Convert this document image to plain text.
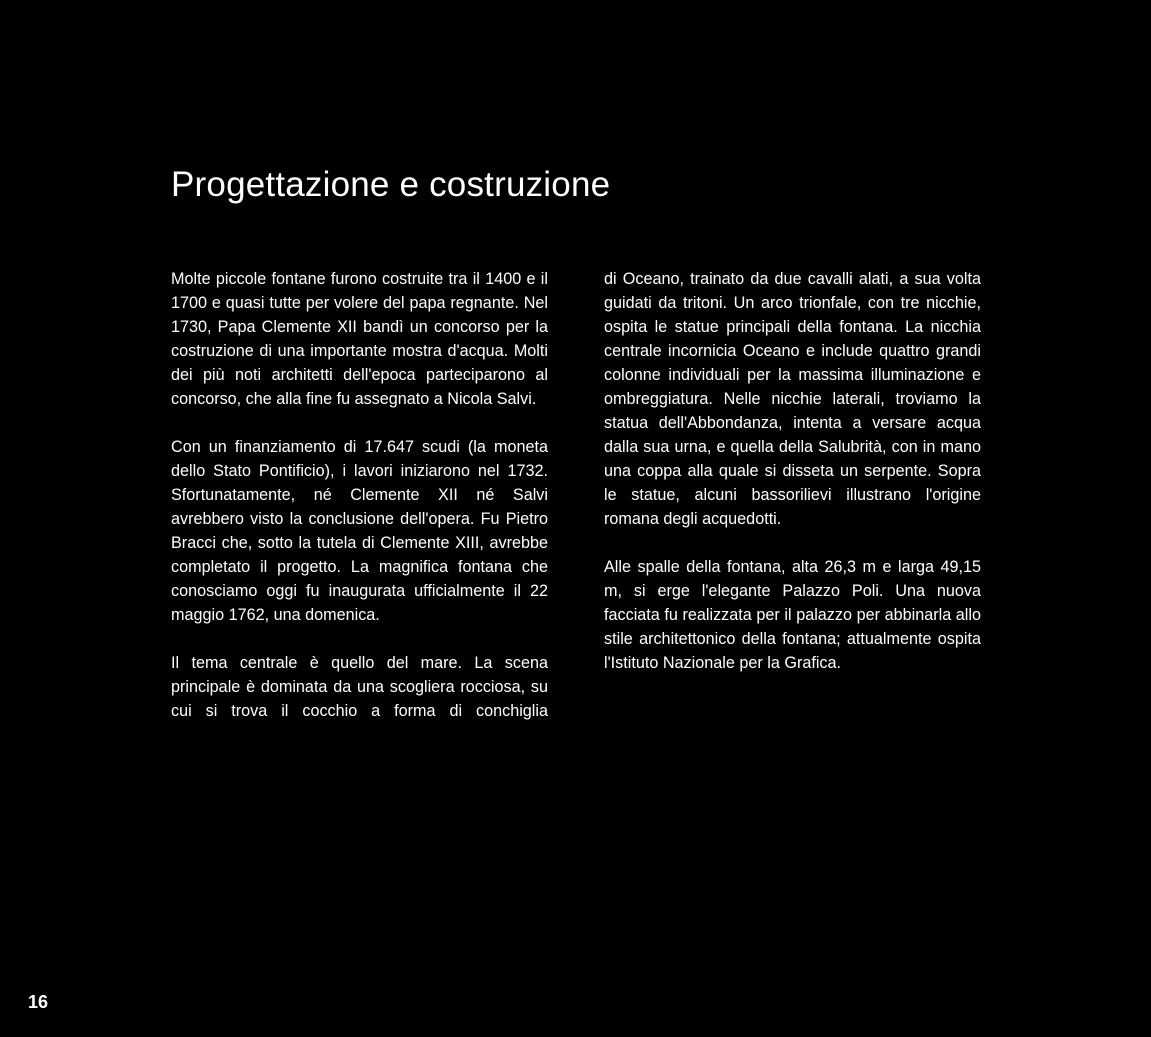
Progettazione e costruzione

Molte piccole fontane furono costruite tra il 1400 e il 1700 e quasi tutte per volere del papa regnante. Nel 1730, Papa Clemente XII bandì un concorso per la costruzione di una importante mostra d'acqua. Molti dei più noti architetti dell'epoca parteciparono al concorso, che alla fine fu assegnato a Nicola Salvi.

Con un finanziamento di 17.647 scudi (la moneta dello Stato Pontificio), i lavori iniziarono nel 1732. Sfortunatamente, né Clemente XII né Salvi avrebbero visto la conclusione dell'opera. Fu Pietro Bracci che, sotto la tutela di Clemente XIII, avrebbe completato il progetto. La magnifica fontana che conosciamo oggi fu inaugurata ufficialmente il 22 maggio 1762, una domenica.

Il tema centrale è quello del mare. La scena principale è dominata da una scogliera rocciosa, su cui si trova il cocchio a forma di conchiglia

di Oceano, trainato da due cavalli alati, a sua volta guidati da tritoni. Un arco trionfale, con tre nicchie, ospita le statue principali della fontana. La nicchia centrale incornicia Oceano e include quattro grandi colonne individuali per la massima illuminazione e ombreggiatura. Nelle nicchie laterali, troviamo la statua dell'Abbondanza, intenta a versare acqua dalla sua urna, e quella della Salubrità, con in mano una coppa alla quale si disseta un serpente. Sopra le statue, alcuni bassorilievi illustrano l'origine romana degli acquedotti.

Alle spalle della fontana, alta 26,3 m e larga 49,15 m, si erge l'elegante Palazzo Poli. Una nuova facciata fu realizzata per il palazzo per abbinarla allo stile architettonico della fontana; attualmente ospita l'Istituto Nazionale per la Grafica.

16
